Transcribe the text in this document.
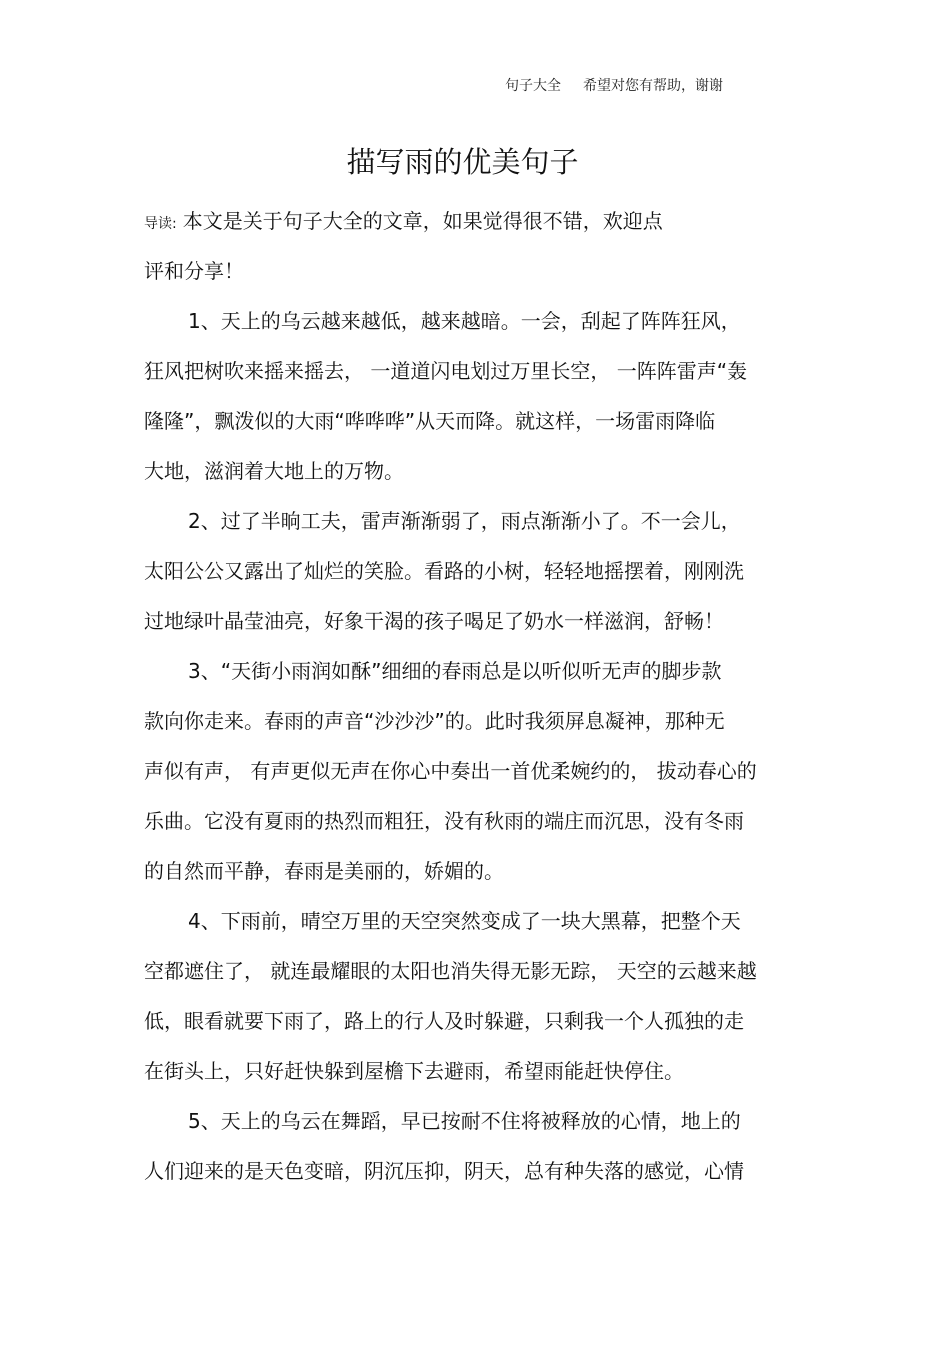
句子大全 希望对您有帮助，谢谢
描写雨的优美句子
导读: 本文是关于句子大全的文章，如果觉得很不错，欢迎点
评和分享！
1、天上的乌云越来越低，越来越暗。一会，刮起了阵阵狂风，
狂风把树吹来摇来摇去， 一道道闪电划过万里长空， 一阵阵雷声“轰
隆隆”，飘泼似的大雨“哗哗哗”从天而降。就这样，一场雷雨降临
大地，滋润着大地上的万物。
2、过了半晌工夫，雷声渐渐弱了，雨点渐渐小了。不一会儿，
太阳公公又露出了灿烂的笑脸。看路的小树，轻轻地摇摆着，刚刚洗
过地绿叶晶莹油亮，好象干渴的孩子喝足了奶水一样滋润，舒畅！
3、“天街小雨润如酥”细细的春雨总是以听似听无声的脚步款
款向你走来。春雨的声音“沙沙沙”的。此时我须屏息凝神，那种无
声似有声， 有声更似无声在你心中奏出一首优柔婉约的， 拔动春心的
乐曲。它没有夏雨的热烈而粗狂，没有秋雨的端庄而沉思，没有冬雨
的自然而平静，春雨是美丽的，娇媚的。
4、下雨前，晴空万里的天空突然变成了一块大黑幕，把整个天
空都遮住了， 就连最耀眼的太阳也消失得无影无踪， 天空的云越来越
低，眼看就要下雨了，路上的行人及时躲避，只剩我一个人孤独的走
在街头上，只好赶快躲到屋檐下去避雨，希望雨能赶快停住。
5、天上的乌云在舞蹈，早已按耐不住将被释放的心情，地上的
人们迎来的是天色变暗，阴沉压抑，阴天，总有种失落的感觉，心情
